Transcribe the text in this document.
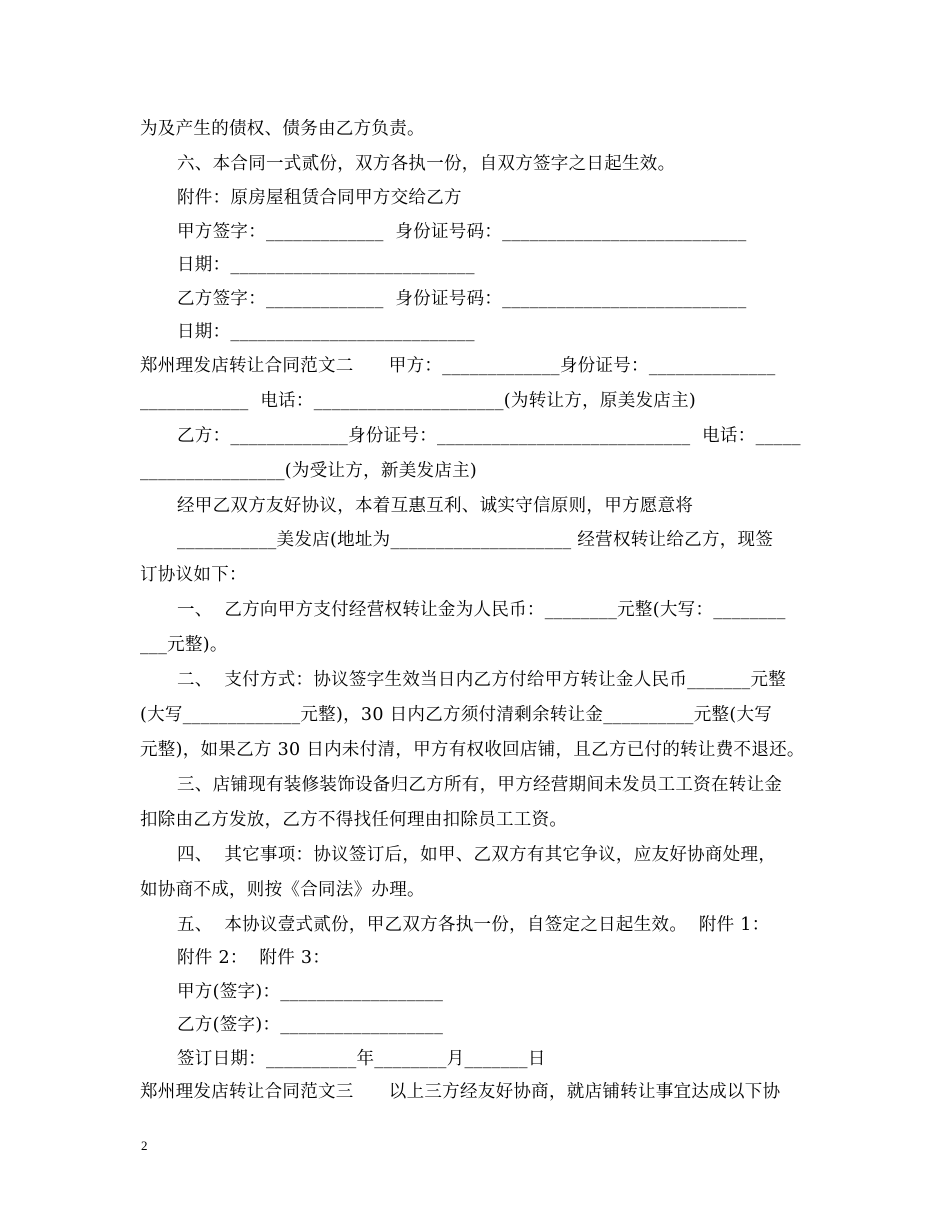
为及产生的债权、债务由乙方负责。
六、本合同一式贰份，双方各执一份，自双方签字之日起生效。
附件：原房屋租赁合同甲方交给乙方
甲方签字：_____________  身份证号码：___________________________
日期：___________________________
乙方签字：_____________  身份证号码：___________________________
日期：___________________________
郑州理发店转让合同范文二      甲方：_____________身份证号：______________
____________  电话：_____________________(为转让方，原美发店主)
乙方：_____________身份证号：____________________________  电话：_____
________________(为受让方，新美发店主)
经甲乙双方友好协议，本着互惠互利、诚实守信原则，甲方愿意将
___________美发店(地址为____________________ 经营权转让给乙方，现签
订协议如下：
一、  乙方向甲方支付经营权转让金为人民币：________元整(大写：________
___元整)。
二、  支付方式：协议签字生效当日内乙方付给甲方转让金人民币_______元整
(大写_____________元整)，30 日内乙方须付清剩余转让金__________元整(大写
元整)，如果乙方 30 日内未付清，甲方有权收回店铺，且乙方已付的转让费不退还。
三、店铺现有装修装饰设备归乙方所有，甲方经营期间未发员工工资在转让金
扣除由乙方发放，乙方不得找任何理由扣除员工工资。
四、  其它事项：协议签订后，如甲、乙双方有其它争议，应友好协商处理，
如协商不成，则按《合同法》办理。
五、  本协议壹式贰份，甲乙双方各执一份，自签定之日起生效。  附件 1：
附件 2：  附件 3：
甲方(签字)：__________________
乙方(签字)：__________________
签订日期：__________年________月_______日
郑州理发店转让合同范文三      以上三方经友好协商，就店铺转让事宜达成以下协
2
